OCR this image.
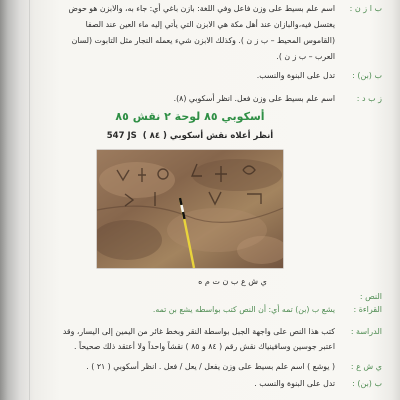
ب ا ز ن :
اسم علم بسيط على وزن فاعل وفي اللغة: بازن باغي أي: جاء به، والابزن هو حوض
يغتسل فيه،والبازان عند أهل مكة هي الابزن التي يأتي إليه ماء العين عند الصفا
(القاموس المحيط – ب ز ن ). وكذلك الابزن شيء يعمله النجار مثل التابوت (لسان
العرب – ب ز ن ).
ب (بن) :
تدل على البنوة والنسب.
ز ب د :
اسم علم بسيط على وزن فعل. انظر أسكوبي (٨).
أسكوبي ٨٥ لوحة ٢ نقش ٨٥
547 JS أنظر أعلاه نقش أسكوبي ( ٨٤ )
ي ش ع ب ن ت م ه
النص :
القراءة :
يشع ب (بن) تمه أي: أن النص كتب بواسطه يشع بن تمه.
الدراسة :
كتب هذا النص على واجهة الجبل بواسطة النقر وبخط غائر من اليمين إلى اليسار، وقد
اعتبر جوسين وسافينياك نقش رقم ( ٨٤ و ٨٥ ) نقشاً واحداً ولا أعتقد ذلك صحيحاً .
ي ش ع :
( يوشع ) اسم علم بسيط على وزن يفعل / يعل / فعل . انظر أسكوبي ( ٢١ ) .
ب (بن) :
تدل على البنوة والنسب .
